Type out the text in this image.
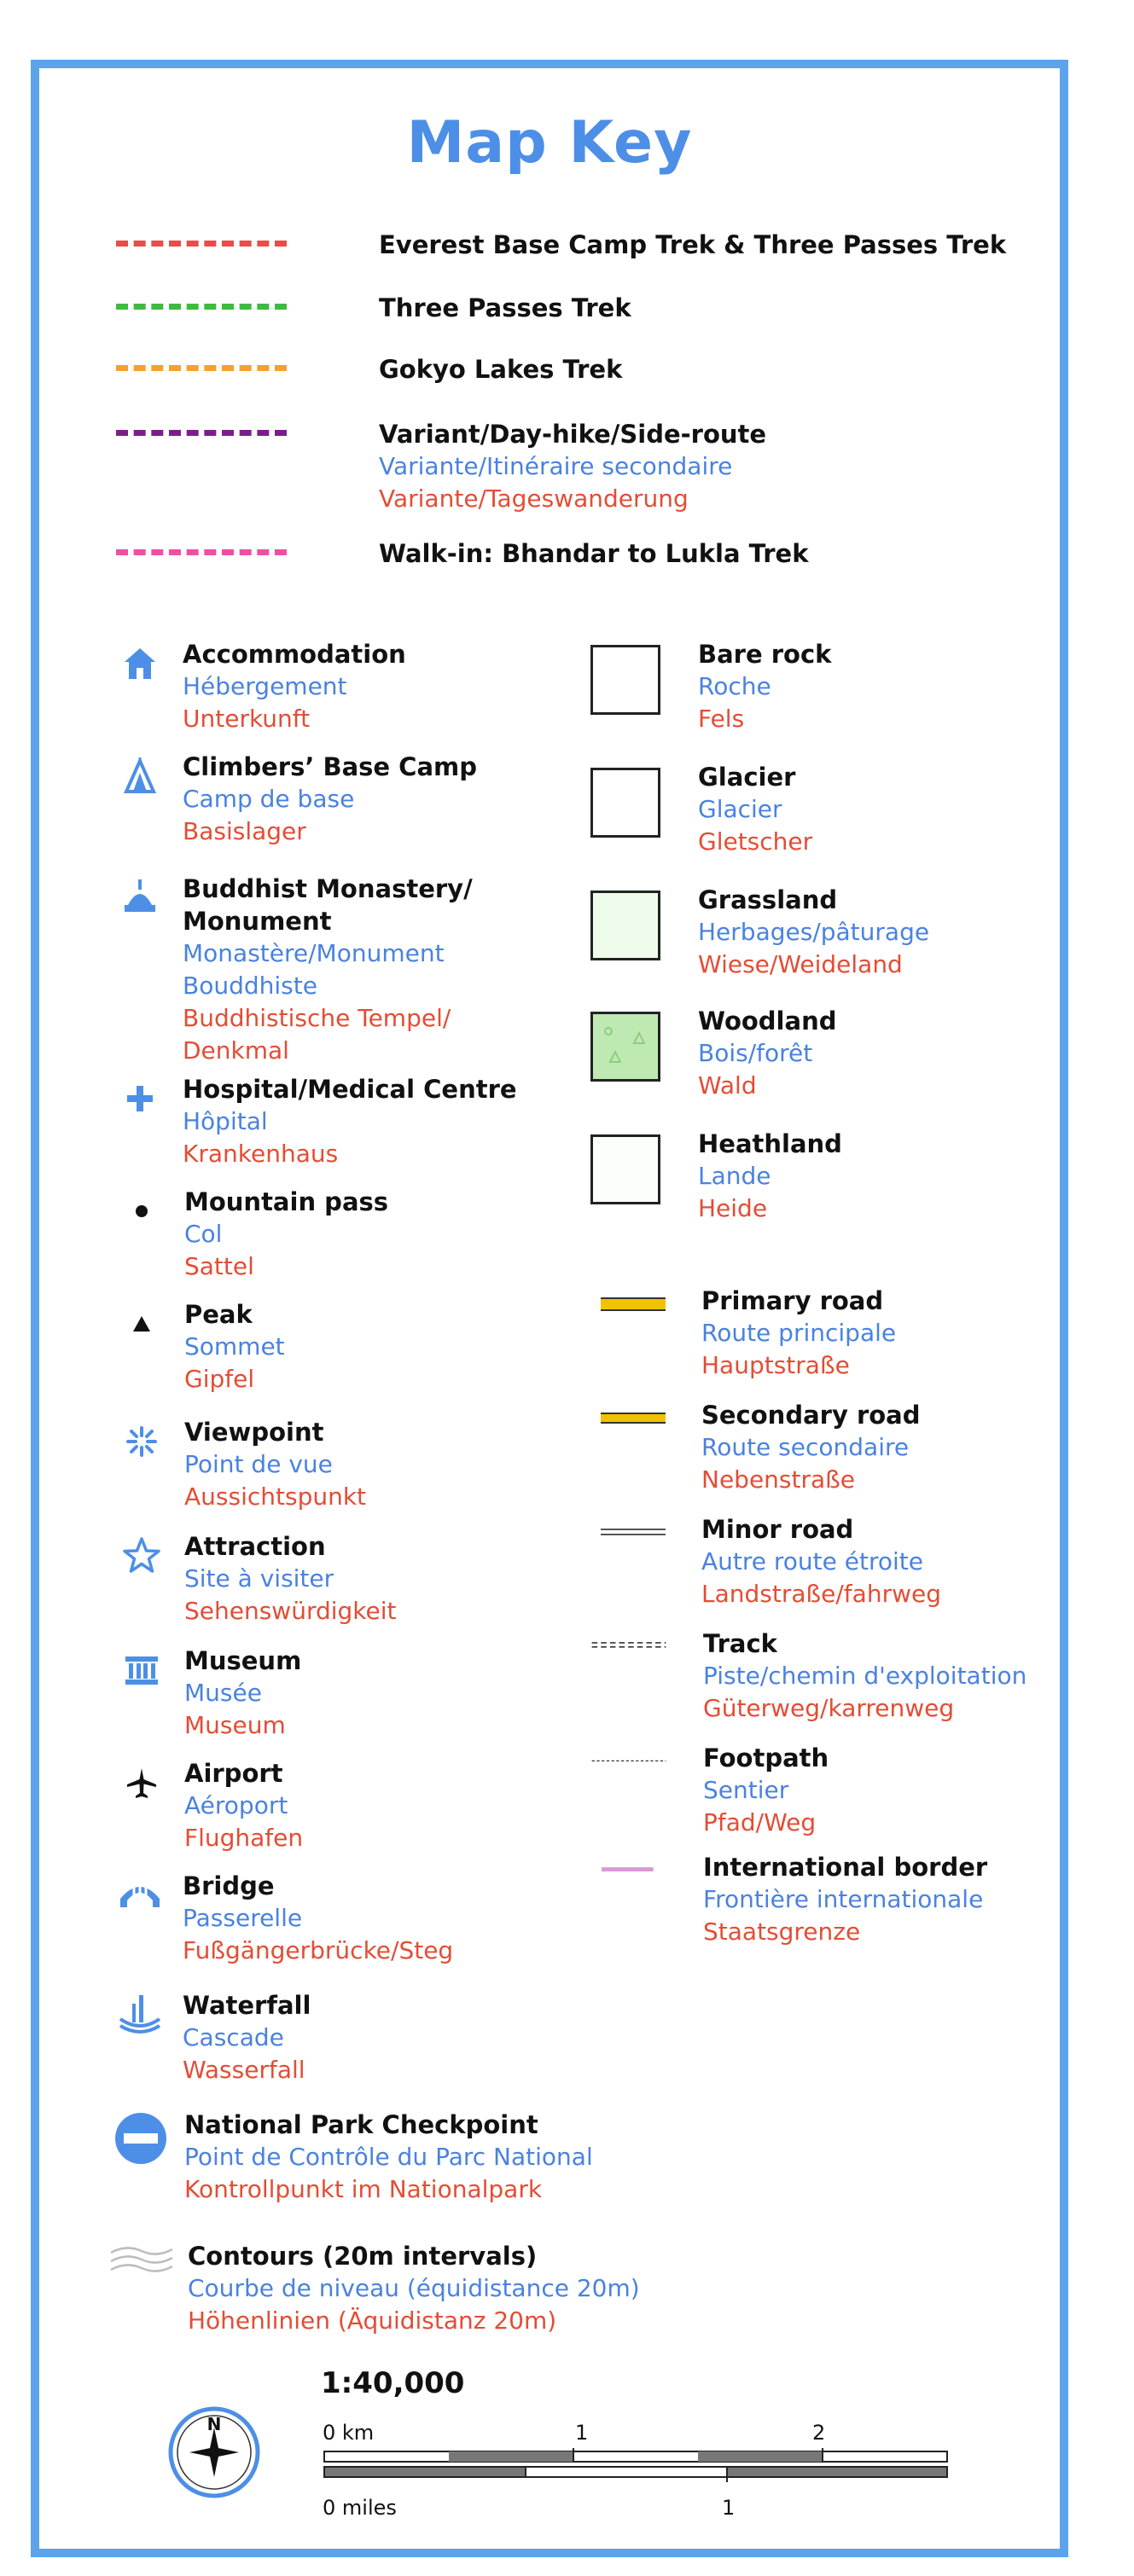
Map Key
Everest Base Camp Trek & Three Passes Trek
Three Passes Trek
Gokyo Lakes Trek
Variant/Day-hike/Side-route
Variante/Itinéraire secondaire
Variante/Tageswanderung
Walk-in: Bhandar to Lukla Trek
Accommodation
Hébergement
Unterkunft
Climbers’ Base Camp
Camp de base
Basislager
Buddhist Monastery/
Monument
Monastère/Monument
Bouddhiste
Buddhistische Tempel/
Denkmal
Hospital/Medical Centre
Hôpital
Krankenhaus
Mountain pass
Col
Sattel
Peak
Sommet
Gipfel
Viewpoint
Point de vue
Aussichtspunkt
Attraction
Site à visiter
Sehenswürdigkeit
Museum
Musée
Museum
Airport
Aéroport
Flughafen
Bridge
Passerelle
Fußgängerbrücke/Steg
Waterfall
Cascade
Wasserfall
National Park Checkpoint
Point de Contrôle du Parc National
Kontrollpunkt im Nationalpark
Contours (20m intervals)
Courbe de niveau (équidistance 20m)
Höhenlinien (Äquidistanz 20m)
Bare rock
Roche
Fels
Glacier
Glacier
Gletscher
Grassland
Herbages/pâturage
Wiese/Weideland
Woodland
Bois/forêt
Wald
Heathland
Lande
Heide
Primary road
Route principale
Hauptstraße
Secondary road
Route secondaire
Nebenstraße
Minor road
Autre route étroite
Landstraße/fahrweg
Track
Piste/chemin d'exploitation
Güterweg/karrenweg
Footpath
Sentier
Pfad/Weg
International border
Frontière internationale
Staatsgrenze
N
1:40,000
0 km	1	2
0 miles	1
